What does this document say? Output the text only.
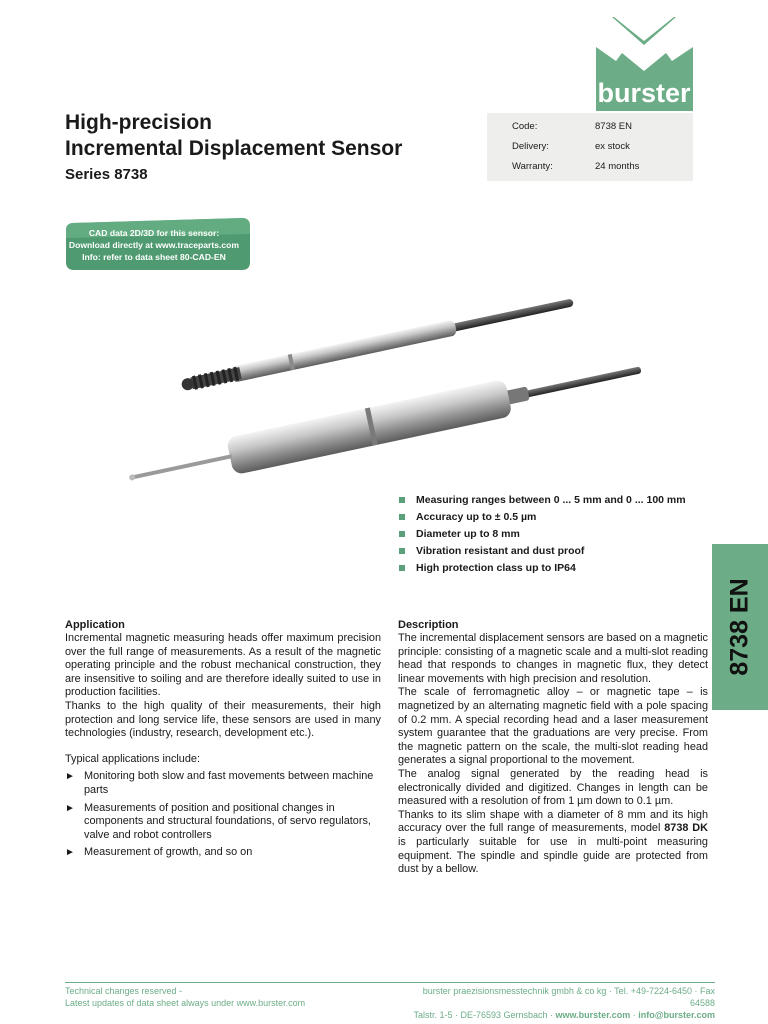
burster
High-precision
Incremental Displacement Sensor
Series 8738
Code:	8738 EN
Delivery:	ex stock
Warranty:	24 months
CAD data 2D/3D for this sensor:
Download directly at www.traceparts.com
Info: refer to data sheet 80-CAD-EN
Measuring ranges between 0 ... 5 mm and 0 ... 100 mm
Accuracy up to ± 0.5 µm
Diameter up to 8 mm
Vibration resistant and dust proof
High protection class up to IP64
8738 EN
Application

Incremental magnetic measuring heads offer maximum precision over the full range of measurements. As a result of the magnetic operating principle and the robust mechanical construction, they are insensitive to soiling and are therefore ideally suited to use in production facilities.

Thanks to the high quality of their measurements, their high protection and long service life, these sensors are used in many technologies (industry, research, development etc.).

Typical applications include:

► Monitoring both slow and fast movements between machine parts
► Measurements of position and positional changes in components and structural foundations, of servo regulators, valve and robot controllers
► Measurement of growth, and so on
Description

The incremental displacement sensors are based on a magnetic principle: consisting of a magnetic scale and a multi-slot reading head that responds to changes in magnetic flux, they detect linear movements with high precision and resolution.

The scale of ferromagnetic alloy – or magnetic tape – is magnetized by an alternating magnetic field with a pole spacing of 0.2 mm. A special recording head and a laser measurement system guarantee that the graduations are very precise. From the magnetic pattern on the scale, the multi-slot reading head generates a signal proportional to the movement.

The analog signal generated by the reading head is electronically divided and digitized. Changes in length can be measured with a resolution of from 1 µm down to 0.1 µm.

Thanks to its slim shape with a diameter of 8 mm and its high accuracy over the full range of measurements, model 8738 DK is particularly suitable for use in multi-point measuring equipment. The spindle and spindle guide are protected from dust by a bellow.

Technical changes reserved -
Latest updates of data sheet always under www.burster.com
burster praezisionsmesstechnik gmbh & co kg · Tel. +49-7224-6450 · Fax 64588
Talstr. 1-5 · DE-76593 Gernsbach · www.burster.com · info@burster.com
